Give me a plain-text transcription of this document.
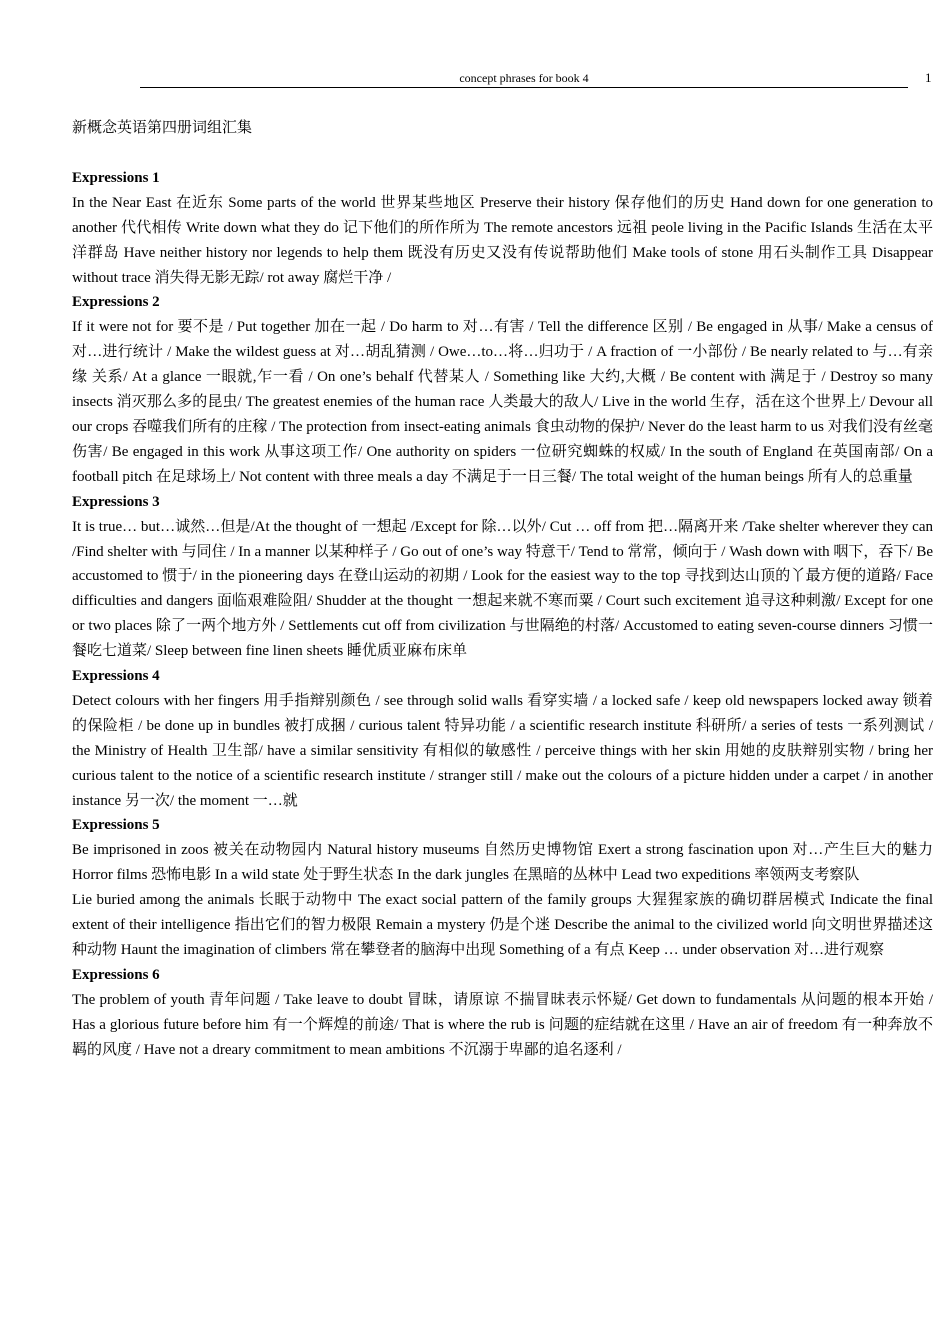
concept phrases for book 4	1

新概念英语第四册词组汇集

Expressions 1

In the Near East 在近东 Some parts of the world 世界某些地区 Preserve their history 保存他们的历史 Hand down for one generation to another 代代相传 Write down what they do 记下他们的所作所为 The remote ancestors 远祖 peole living in the Pacific Islands 生活在太平洋群岛 Have neither history nor legends to help them 既没有历史又没有传说帮助他们 Make tools of stone 用石头制作工具 Disappear without trace 消失得无影无踪/ rot away 腐烂干净 /

Expressions 2

If it were not for 要不是 / Put together 加在一起 / Do harm to 对…有害 / Tell the difference 区别 / Be engaged in 从事/ Make a census of 对…进行统计 / Make the wildest guess at 对…胡乱猜测 / Owe…to…将…归功于 / A fraction of 一小部份 / Be nearly related to 与…有亲缘 关系/ At a glance 一眼就,乍一看 / On one’s behalf 代替某人 / Something like 大约,大概 / Be content with 满足于 / Destroy so many insects 消灭那么多的昆虫/ The greatest enemies of the human race 人类最大的敌人/ Live in the world 生存，活在这个世界上/ Devour all our crops 吞噬我们所有的庄稼 / The protection from insect-eating animals 食虫动物的保护/ Never do the least harm to us 对我们没有丝毫伤害/ Be engaged in this work 从事这项工作/ One authority on spiders 一位研究蜘蛛的权威/ In the south of England 在英国南部/ On a football pitch 在足球场上/ Not content with three meals a day 不满足于一日三餐/ The total weight of the human beings 所有人的总重量

Expressions 3

It is true… but…诚然…但是/At the thought of 一想起 /Except for 除…以外/ Cut … off from 把…隔离开来 /Take shelter wherever they can /Find shelter with 与同住 / In a manner 以某种样子 / Go out of one’s way 特意干/ Tend to 常常，倾向于 / Wash down with 咽下，吞下/ Be accustomed to 惯于/ in the pioneering days 在登山运动的初期 / Look for the easiest way to the top 寻找到达山顶的丫最方便的道路/ Face difficulties and dangers 面临艰难险阻/ Shudder at the thought 一想起来就不寒而粟 / Court such excitement 追寻这种刺激/ Except for one or two places 除了一两个地方外 / Settlements cut off from civilization 与世隔绝的村落/ Accustomed to eating seven-course dinners 习惯一餐吃七道菜/ Sleep between fine linen sheets 睡优质亚麻布床单

Expressions 4

Detect colours with her fingers 用手指辩别颜色 / see through solid walls 看穿实墙 / a locked safe / keep old newspapers locked away 锁着的保险柜 / be done up in bundles 被打成捆 / curious talent 特异功能 / a scientific research institute 科研所/ a series of tests 一系列测试 / the Ministry of Health 卫生部/ have a similar sensitivity 有相似的敏感性 / perceive things with her skin 用她的皮肤辩别实物 / bring her curious talent to the notice of a scientific research institute / stranger still / make out the colours of a picture hidden under a carpet / in another instance 另一次/ the moment 一…就

Expressions 5

Be imprisoned in zoos 被关在动物园内 Natural history museums 自然历史博物馆 Exert a strong fascination upon 对…产生巨大的魅力 Horror films 恐怖电影 In a wild state 处于野生状态 In the dark jungles 在黑暗的丛林中 Lead two expeditions 率领两支考察队

Lie buried among the animals 长眠于动物中 The exact social pattern of the family groups 大猩猩家族的确切群居模式 Indicate the final extent of their intelligence 指出它们的智力极限 Remain a mystery 仍是个迷 Describe the animal to the civilized world 向文明世界描述这种动物 Haunt the imagination of climbers 常在攀登者的脑海中出现 Something of a 有点 Keep … under observation 对…进行观察

Expressions 6

The problem of youth 青年问题 / Take leave to doubt 冒昧，请原谅 不揣冒昧表示怀疑/ Get down to fundamentals 从问题的根本开始 / Has a glorious future before him 有一个辉煌的前途/ That is where the rub is 问题的症结就在这里 / Have an air of freedom 有一种奔放不羁的风度 / Have not a dreary commitment to mean ambitions 不沉溺于卑鄙的追名逐利 /
